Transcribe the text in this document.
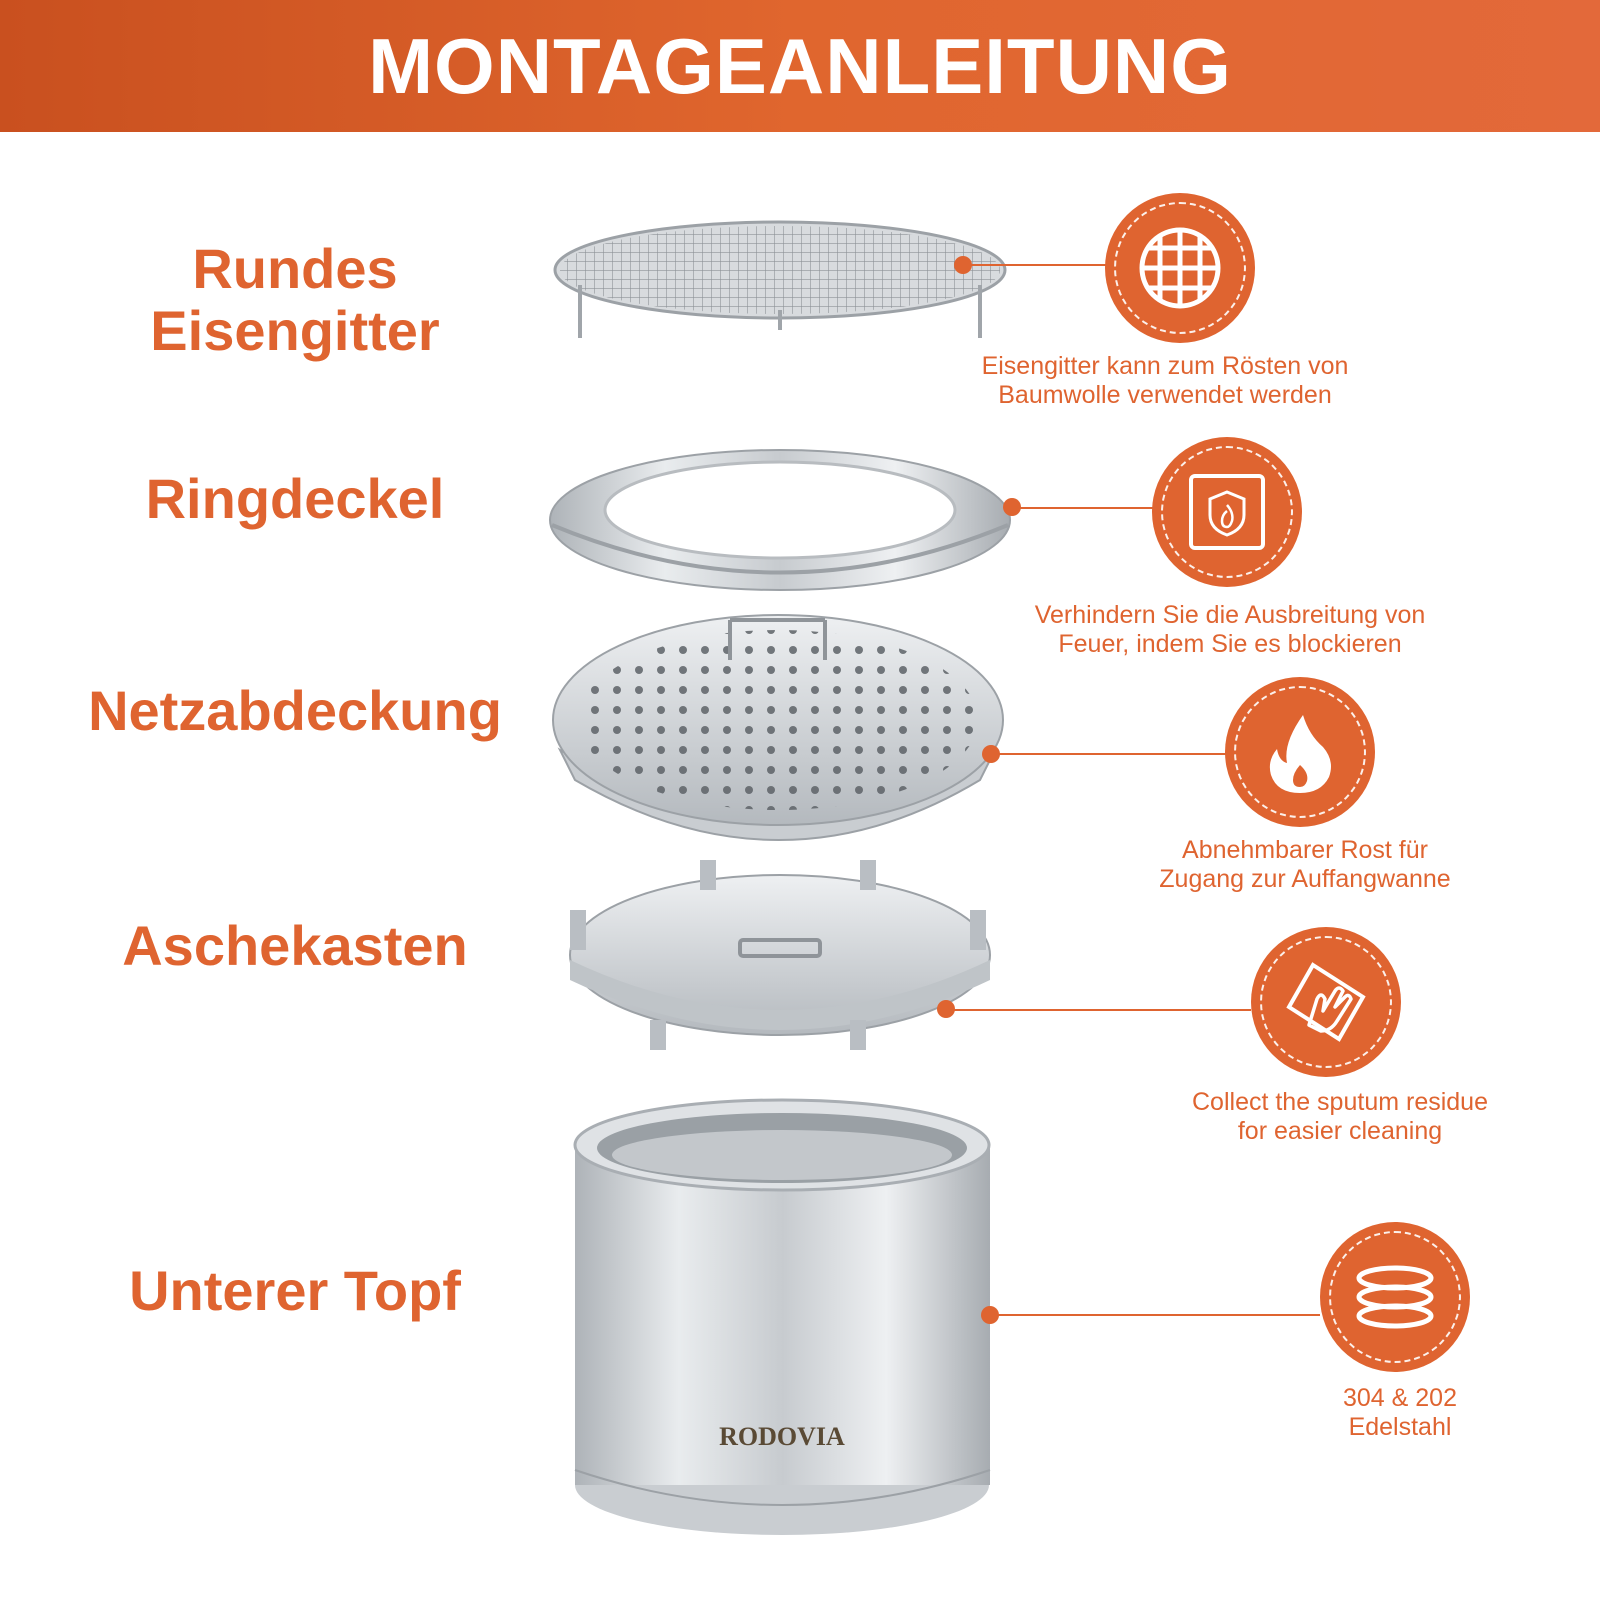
MONTAGEANLEITUNG
Rundes
Eisengitter
Ringdeckel
Netzabdeckung
Aschekasten
Unterer Topf
RODOVIA
Eisengitter kann zum Rösten von
Baumwolle verwendet werden
Verhindern Sie die Ausbreitung von
Feuer, indem Sie es blockieren
Abnehmbarer Rost für
Zugang zur Auffangwanne
Collect the sputum residue
for easier cleaning
304 & 202
Edelstahl
